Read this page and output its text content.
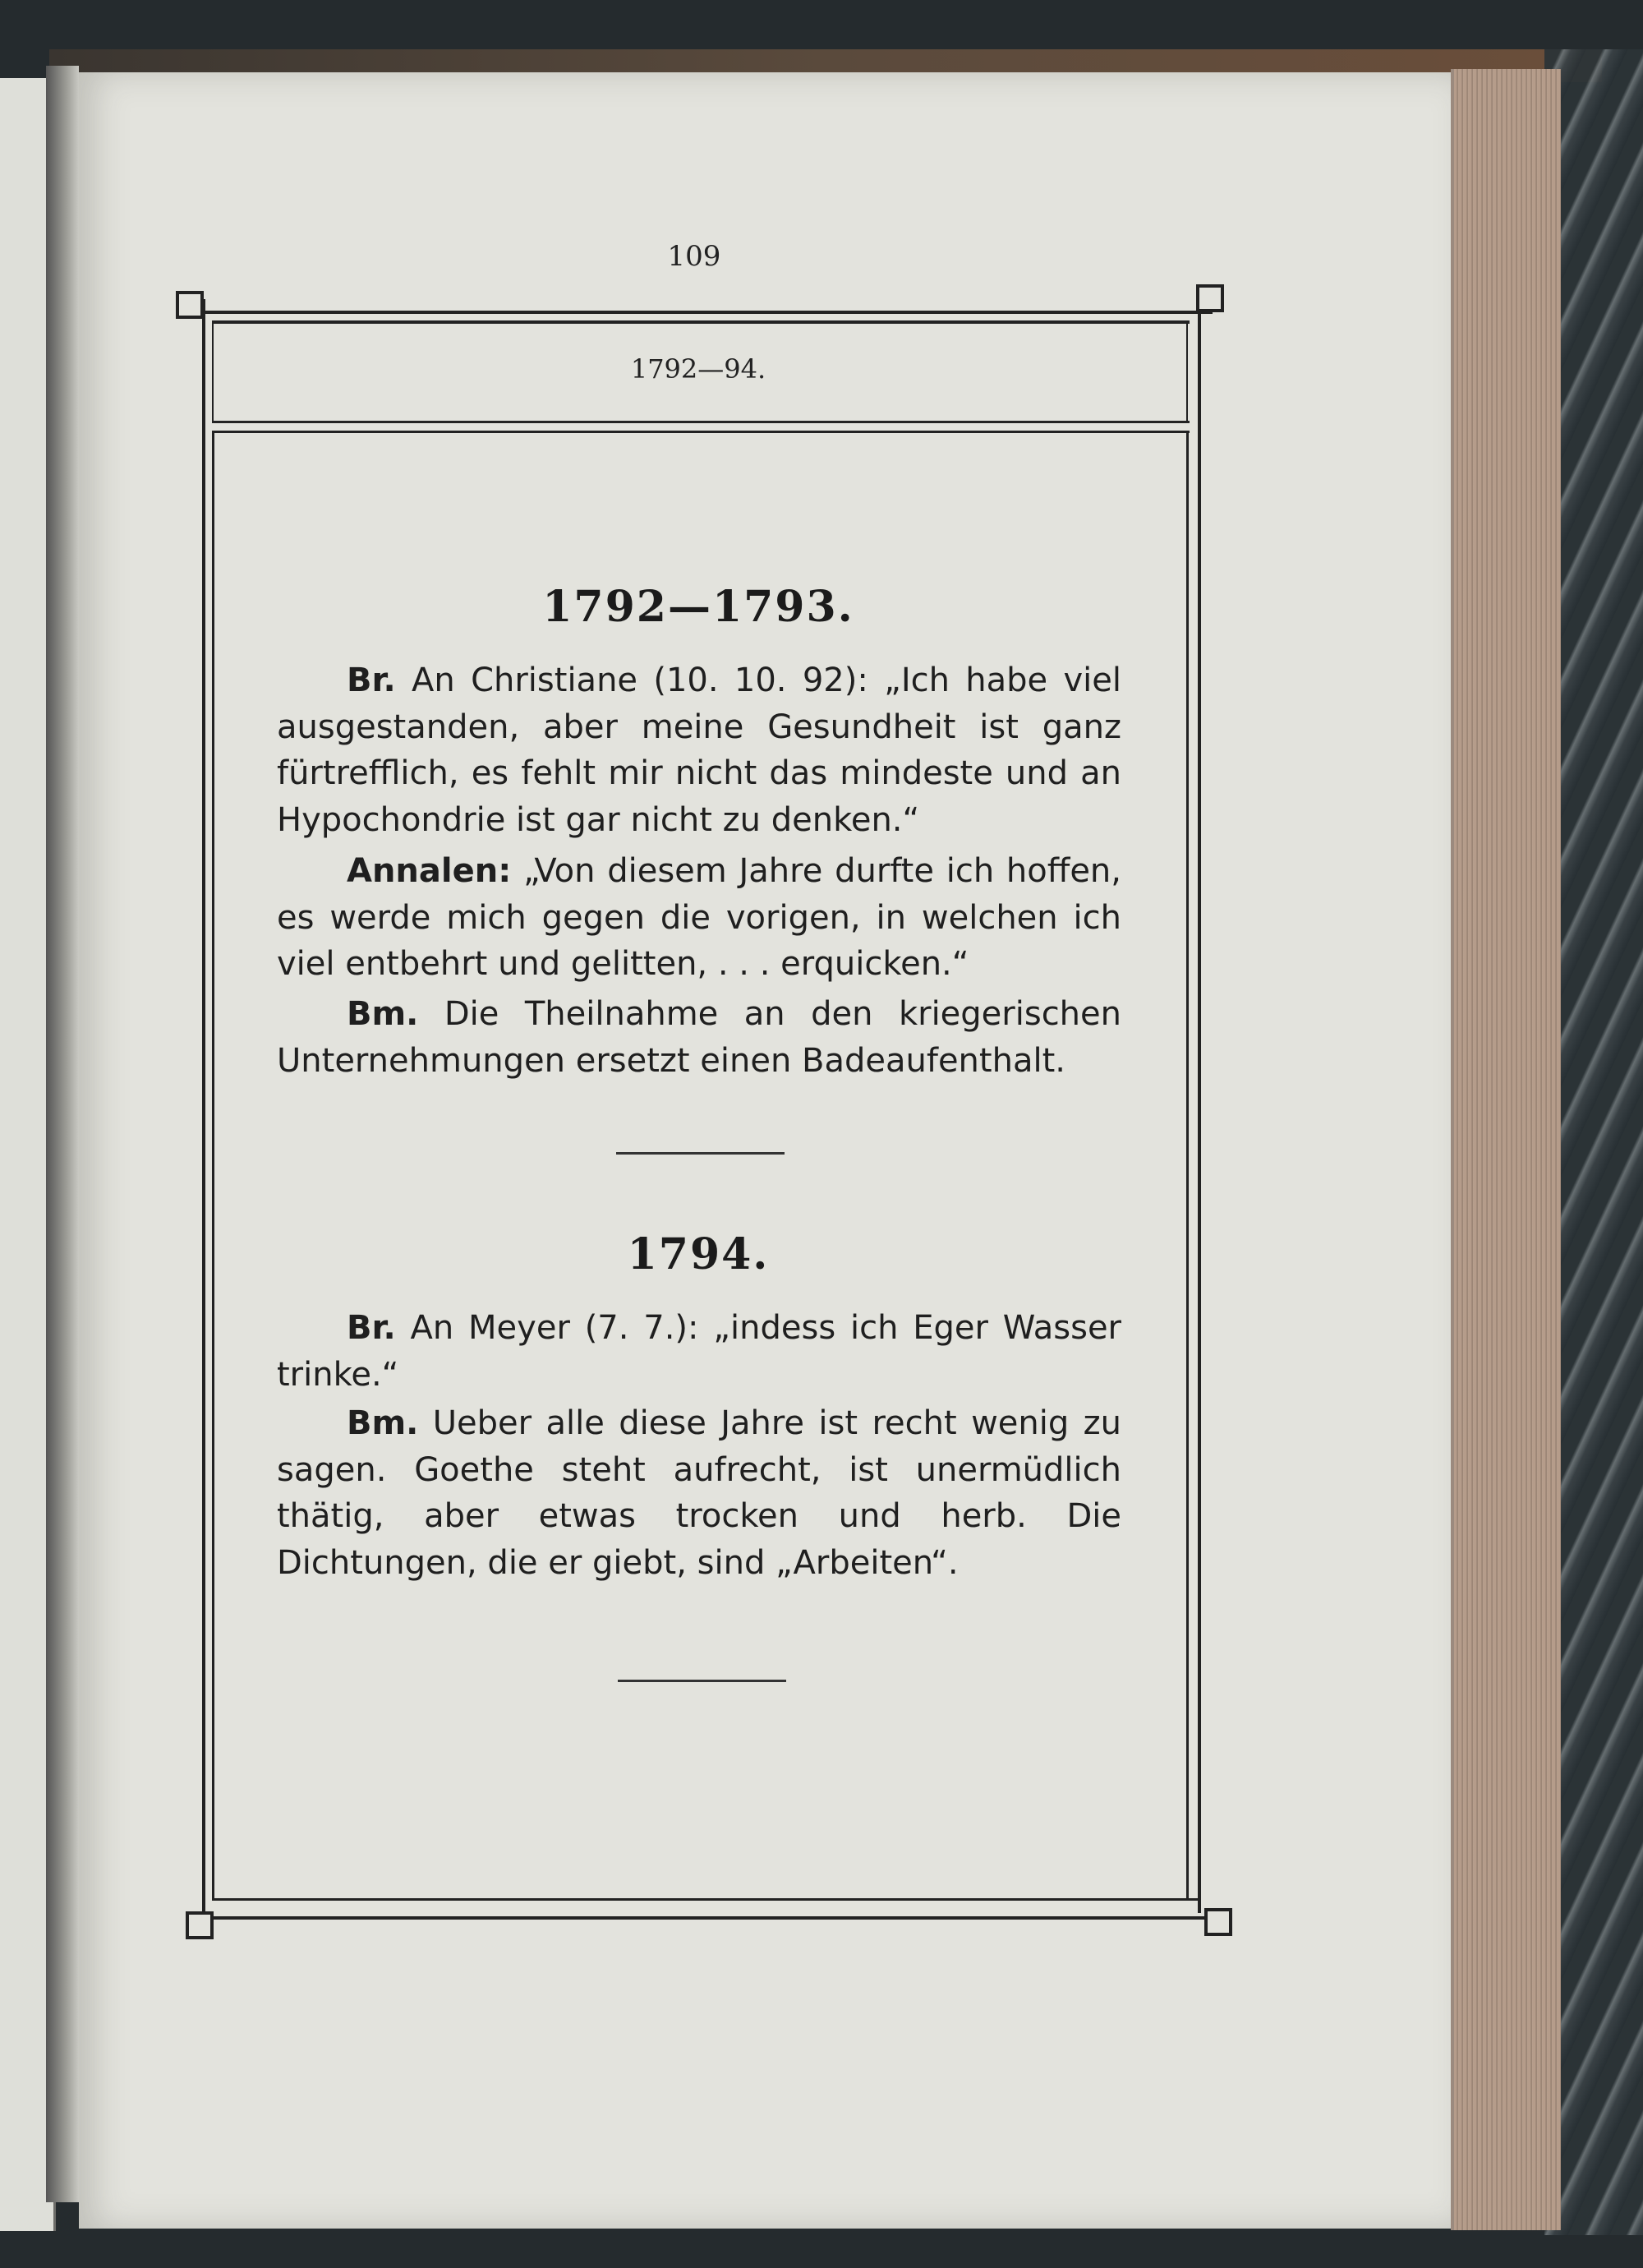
109
1792—94.
1792—1793.
Br. An Christiane (10. 10. 92): „Ich habe viel ausgestanden, aber meine Gesundheit ist ganz fürtrefflich, es fehlt mir nicht das mindeste und an Hypochondrie ist gar nicht zu denken.“
Annalen: „Von diesem Jahre durfte ich hoffen, es werde mich gegen die vorigen, in welchen ich viel entbehrt und gelitten, . . . erquicken.“
Bm. Die Theilnahme an den kriegerischen Unternehmungen ersetzt einen Badeaufenthalt.
1794.
Br. An Meyer (7. 7.): „indess ich Eger Wasser trinke.“
Bm. Ueber alle diese Jahre ist recht wenig zu sagen. Goethe steht aufrecht, ist unermüdlich thätig, aber etwas trocken und herb. Die Dichtungen, die er giebt, sind „Arbeiten“.
